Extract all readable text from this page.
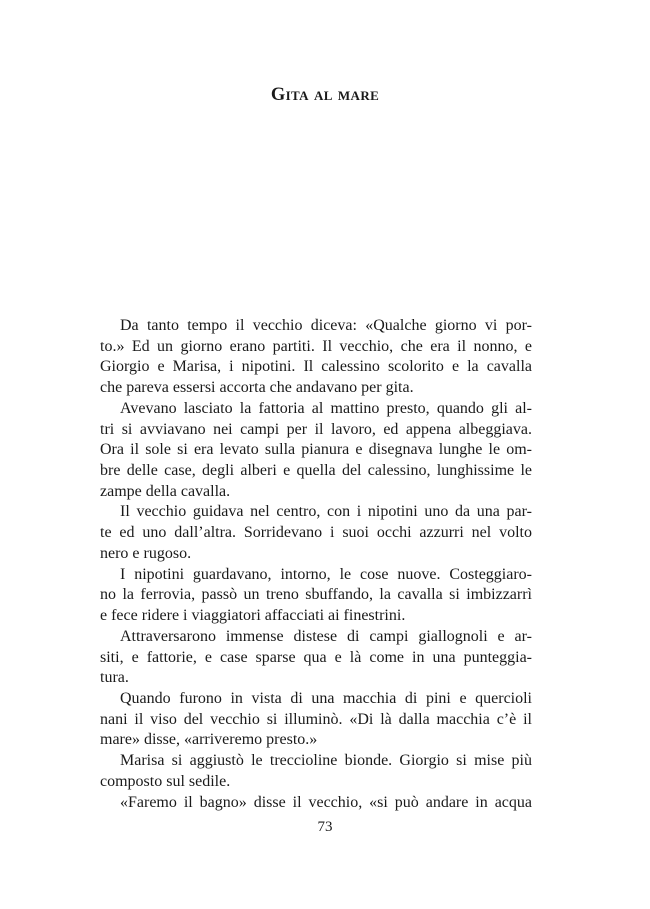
Gita al mare
Da tanto tempo il vecchio diceva: «Qualche giorno vi por-
to.» Ed un giorno erano partiti. Il vecchio, che era il nonno, e
Giorgio e Marisa, i nipotini. Il calessino scolorito e la cavalla
che pareva essersi accorta che andavano per gita.
Avevano lasciato la fattoria al mattino presto, quando gli al-
tri si avviavano nei campi per il lavoro, ed appena albeggiava.
Ora il sole si era levato sulla pianura e disegnava lunghe le om-
bre delle case, degli alberi e quella del calessino, lunghissime le
zampe della cavalla.
Il vecchio guidava nel centro, con i nipotini uno da una par-
te ed uno dall’altra. Sorridevano i suoi occhi azzurri nel volto
nero e rugoso.
I nipotini guardavano, intorno, le cose nuove. Costeggiaro-
no la ferrovia, passò un treno sbuffando, la cavalla si imbizzarrì
e fece ridere i viaggiatori affacciati ai finestrini.
Attraversarono immense distese di campi giallognoli e ar-
siti, e fattorie, e case sparse qua e là come in una punteggia-
tura.
Quando furono in vista di una macchia di pini e quercioli
nani il viso del vecchio si illuminò. «Di là dalla macchia c’è il
mare» disse, «arriveremo presto.»
Marisa si aggiustò le treccioline bionde. Giorgio si mise più
composto sul sedile.
«Faremo il bagno» disse il vecchio, «si può andare in acqua
73
